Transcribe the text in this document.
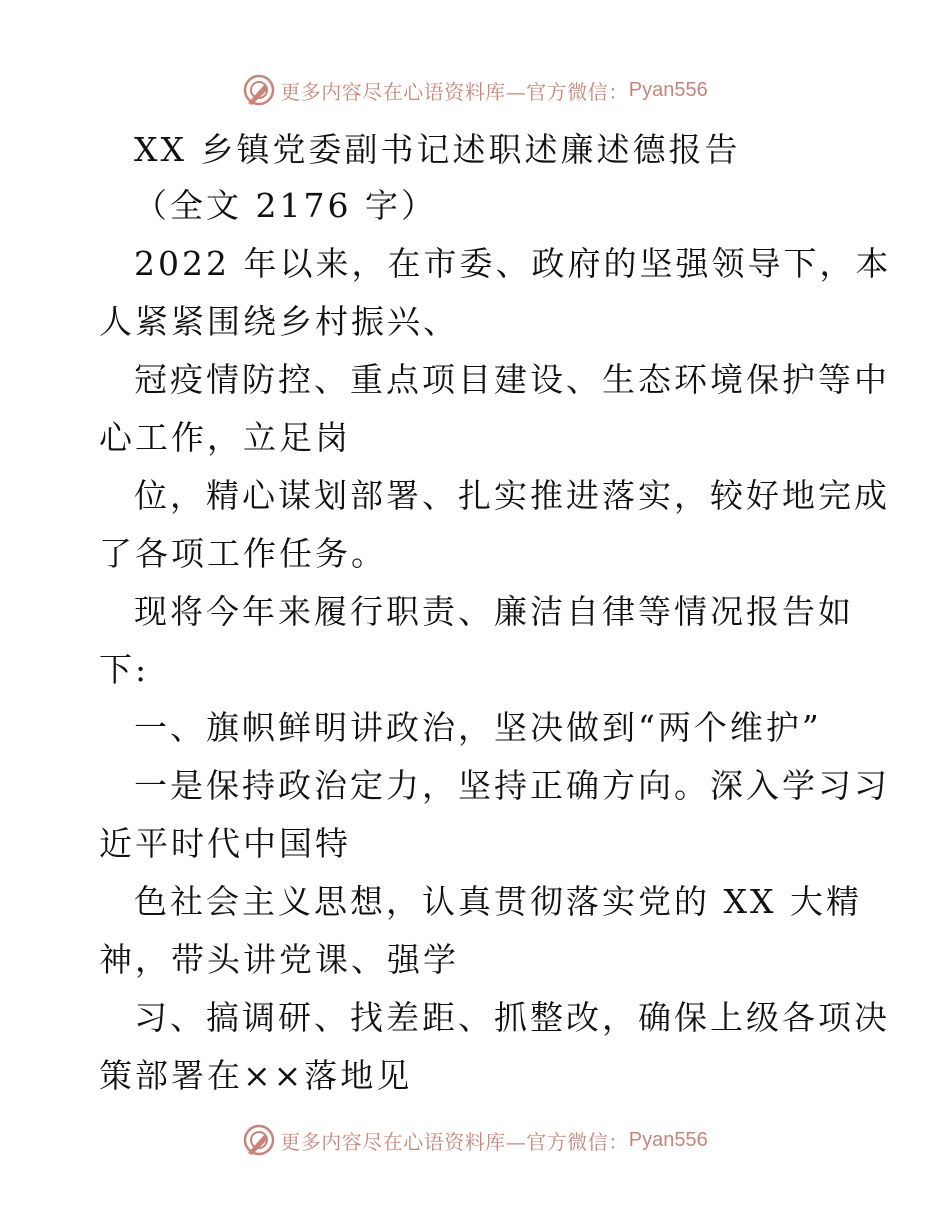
更多内容尽在心语资料库—官方微信： Pyan556
XX 乡镇党委副书记述职述廉述德报告
（全文 2176 字）
2022 年以来，在市委、政府的坚强领导下，本
人紧紧围绕乡村振兴、
冠疫情防控、重点项目建设、生态环境保护等中
心工作，立足岗
位，精心谋划部署、扎实推进落实，较好地完成
了各项工作任务。
现将今年来履行职责、廉洁自律等情况报告如
下:
一、旗帜鲜明讲政治，坚决做到“两个维护”
一是保持政治定力，坚持正确方向。深入学习习
近平时代中国特
色社会主义思想，认真贯彻落实党的 XX 大精
神，带头讲党课、强学
习、搞调研、找差距、抓整改，确保上级各项决
策部署在××落地见
更多内容尽在心语资料库—官方微信： Pyan556
